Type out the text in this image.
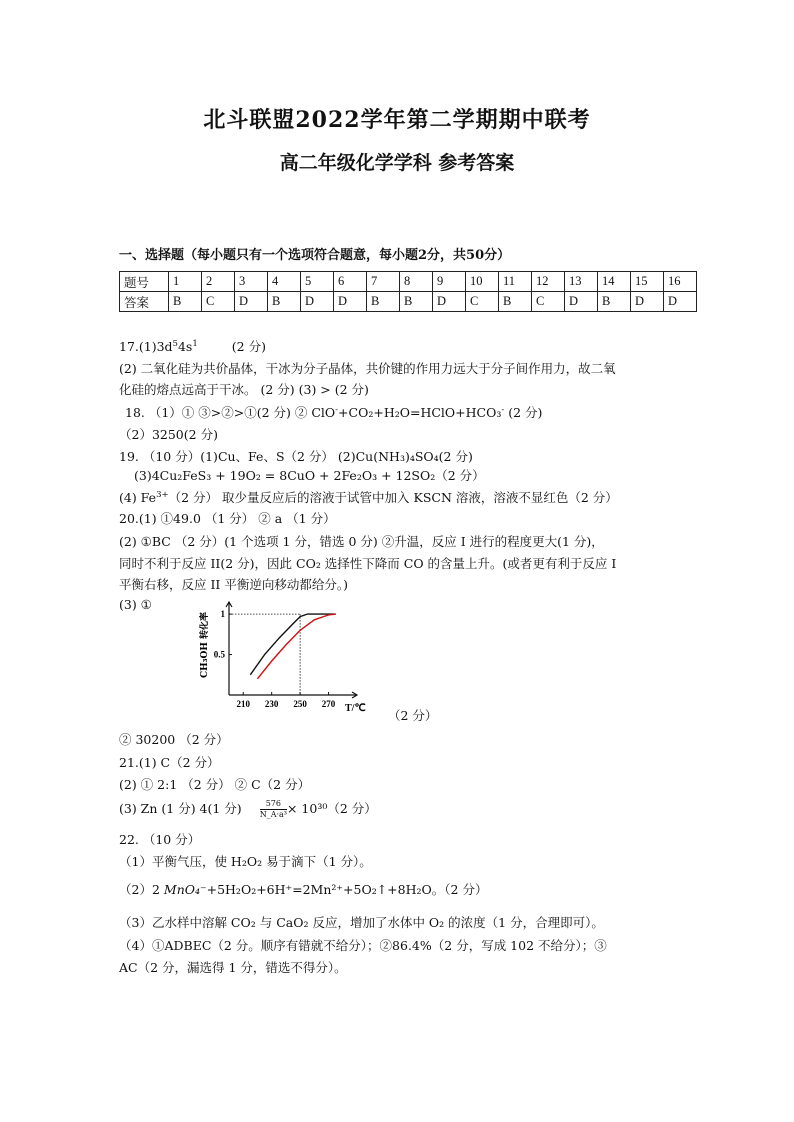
北斗联盟2022学年第二学期期中联考
高二年级化学学科 参考答案
一、选择题（每小题只有一个选项符合题意，每小题2分，共50分）
题号	1	2	3	4	5	6	7	8	9	10	11	12	13	14	15	16
答案	B	C	D	B	D	D	B	B	D	C	B	C	D	B	D	D
$17.(1)3d^54s^1$	(2 分)
(2) 二氧化硅为共价晶体，干冰为分子晶体，共价键的作用力远大于分子间作用力，故二氧
化硅的熔点远高于干冰。 (2 分) (3) > (2 分)
18. （1）① ③>②>①(2 分) ② ClO-+CO₂+H₂O=HClO+HCO₃- (2 分)
（2）3250(2 分)
19. （10 分）(1)Cu、Fe、S（2 分） (2)Cu(NH₃)₄SO₄(2 分)
(3)4Cu₂FeS₃ + 19O₂ = 8CuO + 2Fe₂O₃ + 12SO₂（2 分）
(4) $Fe^{3+}(2$ 分） 取少量反应后的溶液于试管中加入 KSCN 溶液，溶液不显红色（2 分）
20.(1) ①49.0 （1 分） ② a （1 分）
(2) ①BC （2 分）(1 个选项 1 分，错选 0 分) ②升温，反应 I 进行的程度更大(1 分)，
同时不利于反应 II(2 分)，因此 CO₂ 选择性下降而 CO 的含量上升。(或者更有利于反应 I
平衡右移，反应 II 平衡逆向移动都给分。)
(3) ①
CH₃OH 转化率
T/℃
210 230 250 270
0.5
1
（2 分）
② 30200 （2 分）
21.(1) C（2 分）
(2) ① 2:1 （2 分） ② C（2 分）
(3) Zn (1 分) 4(1 分) $\frac{576}{\text{N\_A·a³}} \times 10^{30}(2$ 分）
22. （10 分）
（1）平衡气压，使 H₂O₂ 易于滴下（1 分）。
（2）2 MnO₄⁻+5H₂O₂+6H⁺=2Mn²⁺+5O₂↑+8H₂O。（2 分）
（3）乙水样中溶解 CO₂ 与 CaO₂ 反应，增加了水体中 O₂ 的浓度（1 分，合理即可）。
（4）①ADBEC（2 分。顺序有错就不给分）；②86.4%（2 分，写成 102 不给分）；③
AC（2 分，漏选得 1 分，错选不得分）。
